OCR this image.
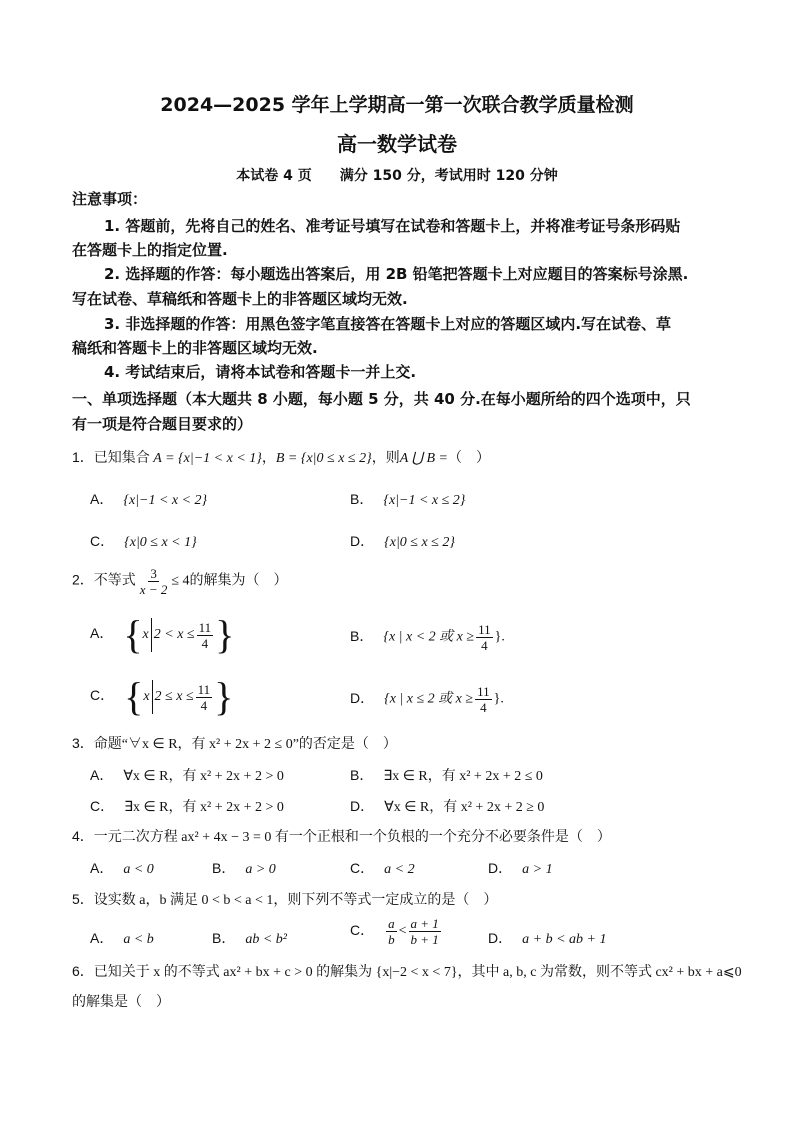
2024—2025 学年上学期高一第一次联合教学质量检测
高一数学试卷
本试卷 4 页　　满分 150 分，考试用时 120 分钟
注意事项：
1. 答题前，先将自己的姓名、准考证号填写在试卷和答题卡上，并将准考证号条形码贴
在答题卡上的指定位置.
2. 选择题的作答：每小题选出答案后，用 2B 铅笔把答题卡上对应题目的答案标号涂黑.
写在试卷、草稿纸和答题卡上的非答题区域均无效.
3. 非选择题的作答：用黑色签字笔直接答在答题卡上对应的答题区域内.写在试卷、草
稿纸和答题卡上的非答题区域均无效.
4. 考试结束后，请将本试卷和答题卡一并上交.
一、单项选择题（本大题共 8 小题，每小题 5 分，共 40 分.在每小题所给的四个选项中，只
有一项是符合题目要求的）
1．已知集合 A = {x|−1 < x < 1}，B = {x|0 ≤ x ≤ 2}，则A ⋃ B =（　）
A． {x|−1 < x < 2}	B． {x|−1 < x ≤ 2}
C． {x|0 ≤ x < 1}	D． {x|0 ≤ x ≤ 2}
2．不等式 $\frac{3}{x - 2} \le 4$的解集为（　）
A． {x $2 < x \le \frac{11}{4}$ }	B． {x | x < 2 或 $x \ge \frac{11}{4}$ }.
C． {x $2 \le x \le \frac{11}{4}$ }	D． {x | x ≤ 2 或 $x \ge \frac{11}{4}$ }.
3．命题“∀x ∈ R，有 x² + 2x + 2 ≤ 0”的否定是（　）
A． ∀x ∈ R，有 x² + 2x + 2 > 0	B． ∃x ∈ R，有 x² + 2x + 2 ≤ 0
C． ∃x ∈ R，有 x² + 2x + 2 > 0	D． ∀x ∈ R，有 x² + 2x + 2 ≥ 0
4．一元二次方程 ax² + 4x − 3 = 0 有一个正根和一个负根的一个充分不必要条件是（　）
A． a < 0	B． a > 0	C． a < 2	D． a > 1
5．设实数 a，b 满足 0 < b < a < 1，则下列不等式一定成立的是（　）
A． a < b	B． ab < b²
C． $\frac{a}{b} < \frac{a + 1}{b + 1}$	D． a + b < ab + 1
6．已知关于 x 的不等式 ax² + bx + c > 0 的解集为 {x|−2 < x < 7}，其中 a, b, c 为常数，则不等式 cx² + bx + a⩽0
的解集是（　）
